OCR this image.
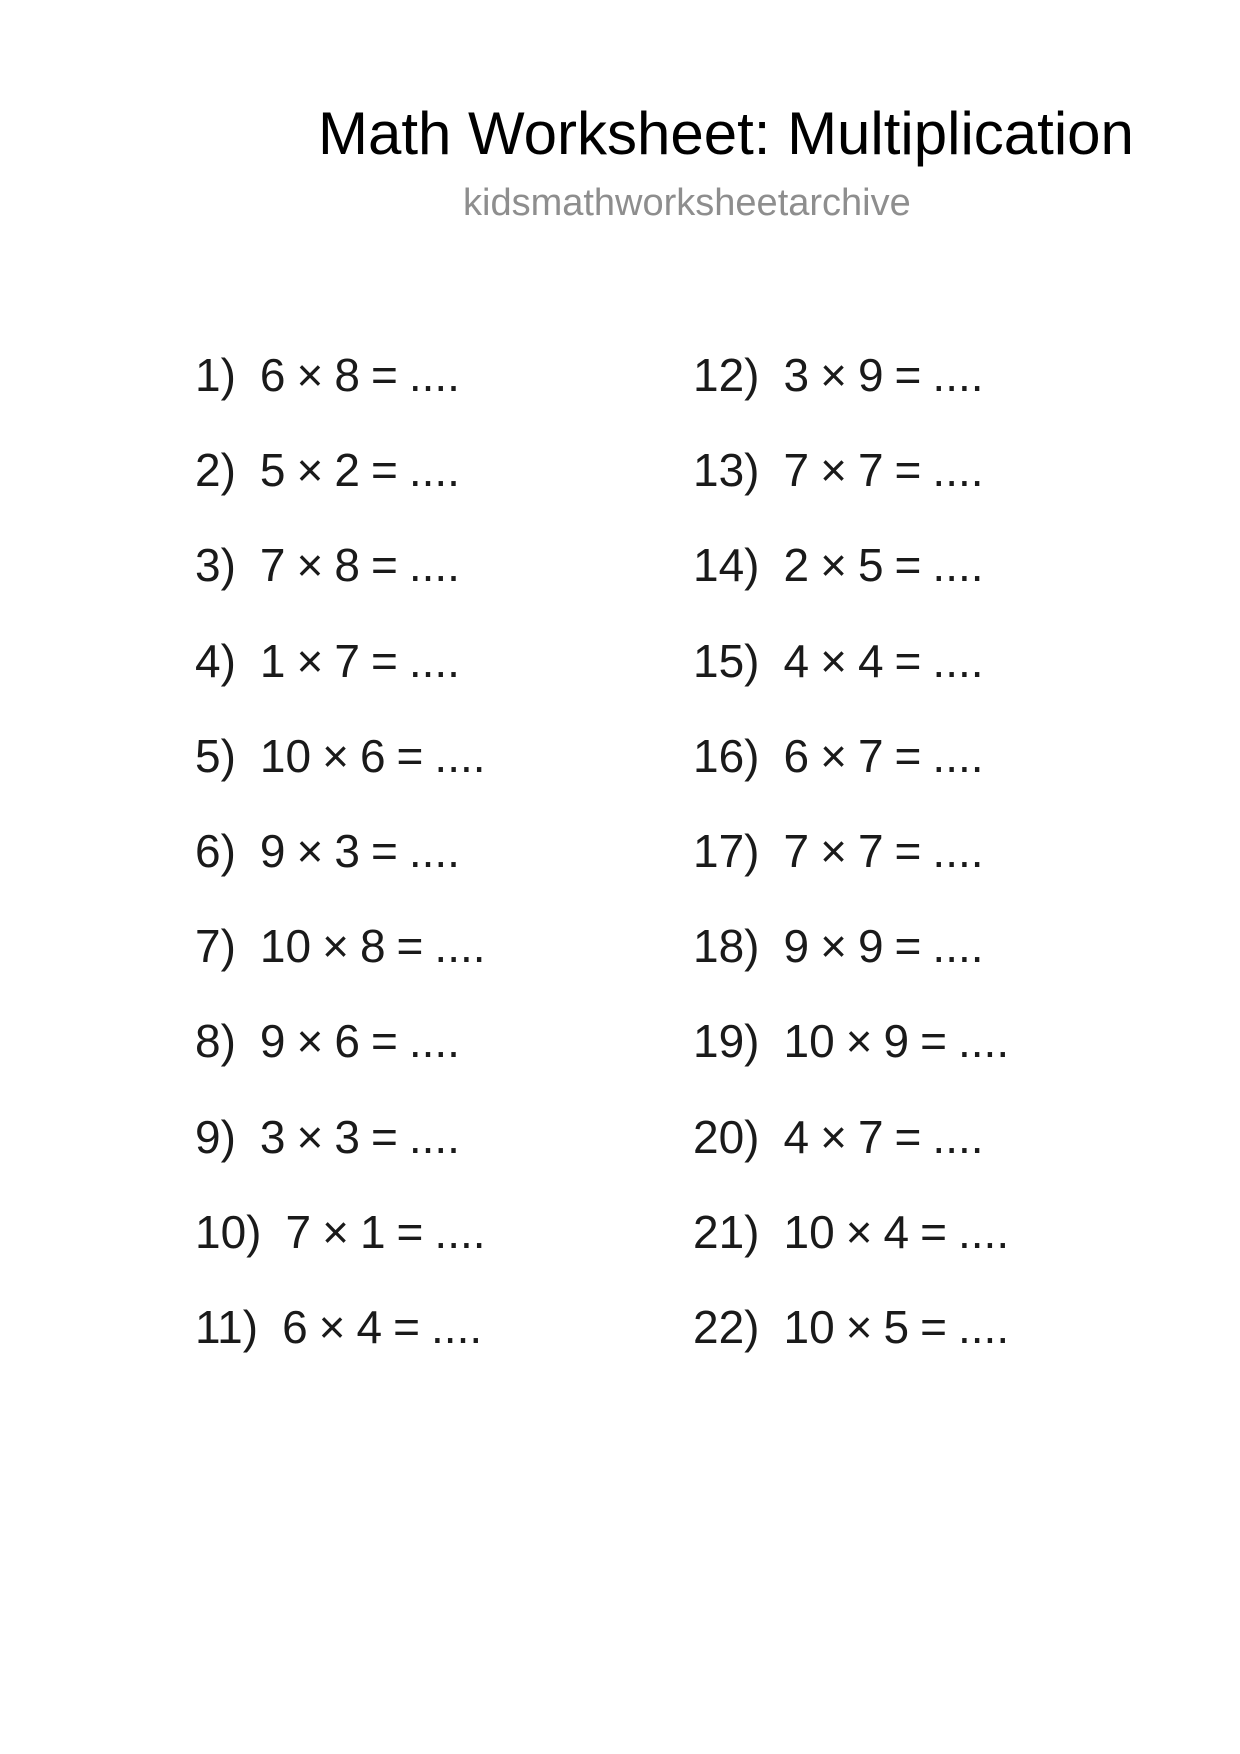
Math Worksheet: Multiplication
kidsmathworksheetarchive
1) 6 × 8 = ....
2) 5 × 2 = ....
3) 7 × 8 = ....
4) 1 × 7 = ....
5) 10 × 6 = ....
6) 9 × 3 = ....
7) 10 × 8 = ....
8) 9 × 6 = ....
9) 3 × 3 = ....
10) 7 × 1 = ....
11) 6 × 4 = ....
12) 3 × 9 = ....
13) 7 × 7 = ....
14) 2 × 5 = ....
15) 4 × 4 = ....
16) 6 × 7 = ....
17) 7 × 7 = ....
18) 9 × 9 = ....
19) 10 × 9 = ....
20) 4 × 7 = ....
21) 10 × 4 = ....
22) 10 × 5 = ....
